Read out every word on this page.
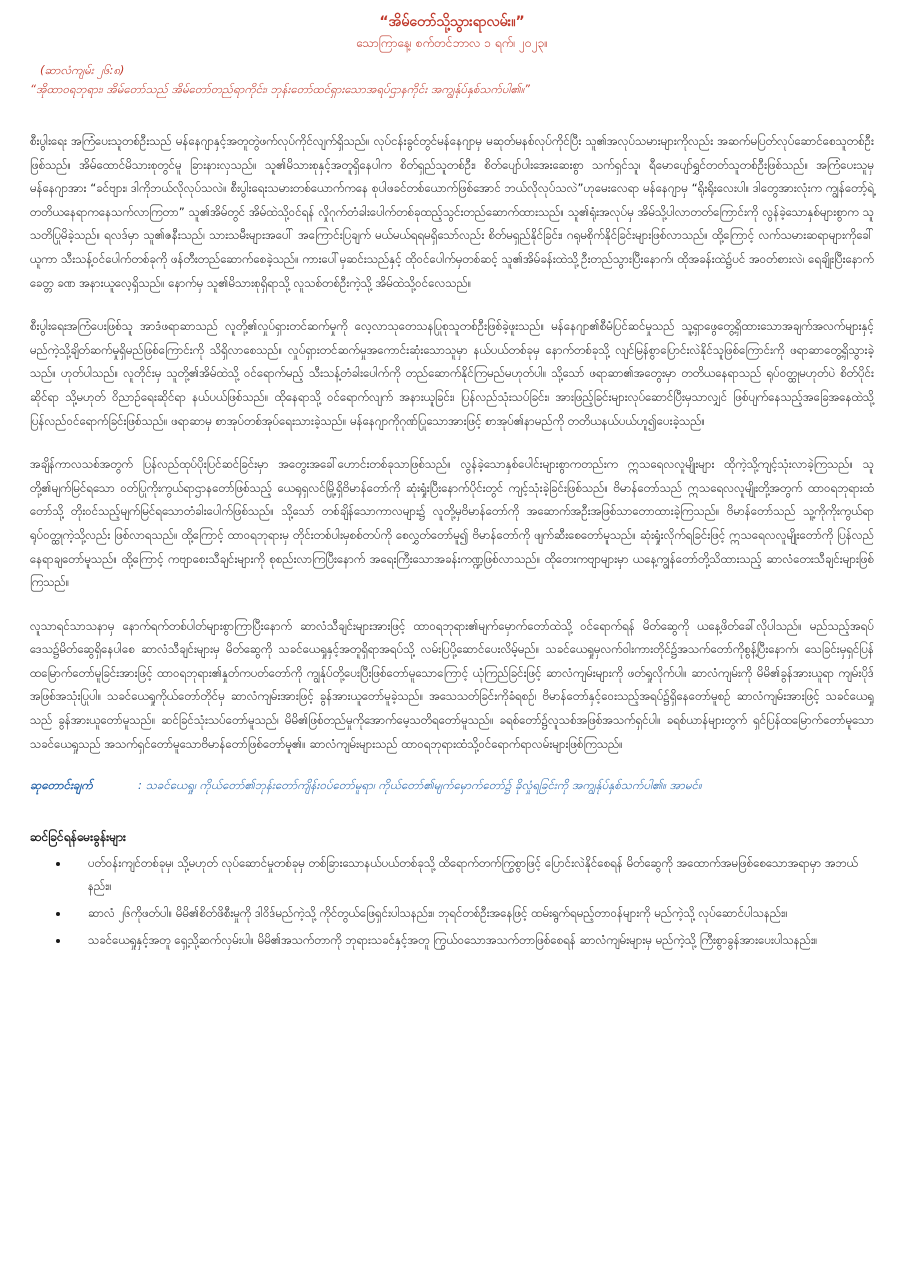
“အိမ်တော်သို့သွားရာလမ်း။”

သောကြာနေ့၊ စက်တင်ဘာလ ၁ ရက်၊ ၂၀၂၃။

(ဆာလံကျမ်း ၂၆:၈)

“အိုထာဝရဘုရား၊ အိမ်တော်သည် အိမ်တော်တည်ရာကိုင်း၊ ဘုန်းတော်ထင်ရှားသောအရပ်ဌာနကိုင်း အကျွန်ုပ်နှစ်သက်ပါ၏။”

စီးပွါးရေး အကြံပေးသူတစ်ဦးသည် မန်နေဂျာနှင့်အတူတွဲဖက်လုပ်ကိုင်လျက်ရှိသည်။ လုပ်ငန်းခွင်တွင်မန်နေဂျာမှ မဆုတ်မနစ်လုပ်ကိုင်ပြီး သူ၏အလုပ်သမားများကိုလည်း အဆက်မပြတ်လုပ်ဆောင်စေသူတစ်ဦးဖြစ်သည်။ အိမ်ထောင်မိသားစုတွင်မူ ခြားနားလှသည်။ သူ၏မိသားစုနှင့်အတူရှိနေပါက စိတ်ရှည်သူတစ်ဦး၊ စိတ်ပျော်ပါးအေးဆေးစွာ သက်ရှင်သူ၊ ရီမောပျော်ရွှင်တတ်သူတစ်ဦးဖြစ်သည်။ အကြံပေးသူမှ မန်နေဂျာအား “ခင်ဗျား၊ ဒါကိုဘယ်လိုလုပ်သလဲ။ စီးပွါးရေးသမားတစ်ယောက်ကနေ စုပါဖခင်တစ်ယောက်ဖြစ်အောင် ဘယ်လိုလုပ်သလဲ”ဟုမေးလေရာ မန်နေဂျာမှ “ရိုးရိုးလေးပါ။ ဒါတွေအားလုံးက ကျွန်တော့်ရဲ့တတိယနေရာကနေသက်လာကြတာ” သူ၏အိမ်တွင် အိမ်ထဲသို့ဝင်ရန် လှိုဂုက်တံခါးပေါက်တစ်ခုထည့်သွင်းတည်ဆောက်ထားသည်။ သူ၏ရုံးအလုပ်မှ အိမ်သို့ပါလာတတ်ကြောင်းကို လွန်ခဲ့သောနှစ်များစွာက သူသတိပြုမိခဲ့သည်။ ရလဒ်မှာ သူ၏ဇနီးသည်၊ သားသမီးများအပေါ် အကြောင်းပြချက် မယ်မယ်ရရမရှိသော်လည်း စိတ်မရှည်နိုင်ခြင်း၊ ဂရုမစိုက်နိုင်ခြင်းများဖြစ်လာသည်။ ထို့ကြောင့် လက်သမားဆရာများကိုခေါ်ယူကာ သီးသန့်ဝင်ပေါက်တစ်ခုကို ဖန်တီးတည်ဆောက်စေခဲ့သည်။ ကားပေါ်မှဆင်းသည်နှင့် ထိုဝင်ပေါက်မှတစ်ဆင့် သူ၏အိမ်ခန်းထဲသို့ဦးတည်သွားပြီးနောက်၊ ထိုအခန်းထဲ၌ပင် အဝတ်စားလဲ၊ ရေချိုးပြီးနောက် ခေတ္တ ခဏ အနားယူလေ့ရှိသည်။ နောက်မှ သူ၏မိသားစုရှိရာသို့ လူသစ်တစ်ဦးကဲ့သို့ အိမ်ထဲသို့ဝင်လေသည်။

စီးပွါးရေးအကြံပေးဖြစ်သူ အာဒံဖရာဆာသည် လူတို့၏လှုပ်ရှားတင်ဆက်မှုကို လေ့လာသုတေသနပြုစုသူတစ်ဦးဖြစ်ခဲ့ဖူးသည်။ မန်နေဂျာ၏စီမံပြင်ဆင်မှုသည် သူ့ရှာဖွေတွေ့ရှိထားသောအချက်အလက်များနှင့် မည်ကဲ့သို့ချိတ်ဆက်မှုရှိမည်ဖြစ်ကြောင်းကို သိရှိလာစေသည်။ လှုပ်ရှားတင်ဆက်မှုအကောင်းဆုံးသောသူမှာ နယ်ပယ်တစ်ခုမှ နောက်တစ်ခုသို့ လျင်မြန်စွာပြောင်းလဲနိုင်သူဖြစ်ကြောင်းကို ဖရာဆာတွေ့ရှိသွားခဲ့သည်။ ဟုတ်ပါသည်။ လူတိုင်းမှ သူတို့၏အိမ်ထဲသို့ ဝင်ရောက်မည့် သီးသန့်တံခါးပေါက်ကို တည်ဆောက်နိုင်ကြမည်မဟုတ်ပါ။ သို့သော် ဖရာဆာ၏အတွေးမှာ တတိယနေရာသည် ရုပ်ဝတ္ထုမဟုတ်ပဲ စိတ်ပိုင်းဆိုင်ရာ သို့မဟုတ် ဝိညာဉ်ရေးဆိုင်ရာ နယ်ပယ်ဖြစ်သည်။ ထိုနေရာသို့ ဝင်ရောက်လျက် အနားယူခြင်း၊ ပြန်လည်သုံးသပ်ခြင်း၊ အားဖြည့်ခြင်းများလုပ်ဆောင်ပြီးမှသာလျှင် ဖြစ်ပျက်နေသည့်အခြေအနေထဲသို့ ပြန်လည်ဝင်ရောက်ခြင်းဖြစ်သည်။ ဖရာဆာမှ စာအုပ်တစ်အုပ်ရေးသားခဲ့သည်။ မန်နေဂျာကိုဂုဏ်ပြုသောအားဖြင့် စာအုပ်၏နာမည်ကို တတိယနယ်ပယ်ဟူ၍ပေးခဲ့သည်။

အချိန်ကာလသစ်အတွက် ပြန်လည်ထုပ်ပိုးပြင်ဆင်ခြင်းမှာ အတွေးအခေါ်ဟောင်းတစ်ခုသာဖြစ်သည်။ လွန်ခဲ့သောနှစ်ပေါင်းများစွာကတည်းက ဣသရေလလူမျိုးများ ထိုကဲ့သို့ကျင့်သုံးလာခဲ့ကြသည်။ သူတို့၏မျက်မြင်ရသော ဝတ်ပြုကိုးကွယ်ရာဌာနတော်ဖြစ်သည့် ယေရုရှလင်မြို့ရှိဗိမာန်တော်ကို ဆုံးရှုံးပြီးနောက်ပိုင်းတွင် ကျင့်သုံးခဲ့ခြင်းဖြစ်သည်။ ဗိမာန်တော်သည် ဣသရေလလူမျိုးတို့အတွက် ထာဝရဘုရားထံတော်သို့ တိုးဝင်သည့်မျက်မြင်ရသောတံခါးပေါက်ဖြစ်သည်။ သို့သော် တစ်ချိန်သောကာလများ၌ လူတို့မှဗိမာန်တော်ကို အဆောက်အဦးအဖြစ်သာတောထားခဲ့ကြသည်။ ဗိမာန်တော်သည် သူ့ကိုကိုးကွယ်ရာရုပ်ဝတ္ထုကဲ့သို့လည်း ဖြစ်လာရသည်။ ထို့ကြောင့် ထာဝရဘုရားမှ တိုင်းတစ်ပါးမှစစ်တပ်ကို စေလွှတ်တော်မူ၍ ဗိမာန်တော်ကို ဖျက်ဆီးစေတော်မူသည်။ ဆုံးရှုံးလိုက်ရခြင်းဖြင့် ဣသရေလလူမျိုးတော်ကို ပြန်လည်နေရာချတော်မူသည်။ ထို့ကြောင့် ကဗျာစေးသီချင်းများကို စုစည်းလာကြပြီးနောက် အရေးကြီးသောအခန်းကဏ္ဍဖြစ်လာသည်။ ထိုတေးကဗျာများမှာ ယနေ့ကျွန်တော်တို့သိထားသည့် ဆာလံတေးသီချင်းများဖြစ်ကြသည်။

လူသာရင်သာသနာမှ နောက်ရက်တစ်ပါတ်များစွာကြာပြီးနောက် ဆာလံသီချင်းများအားဖြင့် ထာဝရဘုရား၏မျက်မှောက်တော်ထဲသို့ ဝင်ရောက်ရန် မိတ်ဆွေကို ယနေ့ဖိတ်ခေါ်လိုပါသည်။ မည်သည့်အရပ်ဒေသ၌မိတ်ဆွေရှိနေပါစေ ဆာလံသီချင်းများမှ မိတ်ဆွေကို သခင်ယေရှုနှင့်အတူရှိရာအရပ်သို့ လမ်းပြပို့ဆောင်ပေးလိမ့်မည်။ သခင်ယေရှုမှလက်ဝါးကားတိုင်၌အသက်တော်ကိုစွန့်ပြီးနောက်၊ သေခြင်းမှရှင်ပြန်ထမြောက်တော်မူခြင်းအားဖြင့် ထာဝရဘုရား၏နှုတ်ကပတ်တော်ကို ကျွန်ုပ်တို့ပေးပြီးဖြစ်တော်မူသောကြောင့် ယုံကြည်ခြင်းဖြင့် ဆာလံကျမ်းများကို ဖတ်ရှုလိုက်ပါ။ ဆာလံကျမ်းကို မိမိ၏ခွန်အားယူရာ ကျမ်းပိုဒ်အဖြစ်အသုံးပြုပါ။ သခင်ယေရှုကိုယ်တော်တိုင်မှ ဆာလံကျမ်းအားဖြင့် ခွန်အားယူတော်မူခဲ့သည်။ အသေသတ်ခြင်းကိုခံရစဉ်၊ ဗိမာန်တော်နှင့်ဝေးသည့်အရပ်၌ရှိနေတော်မူစဉ် ဆာလံကျမ်းအားဖြင့် သခင်ယေရှုသည် ခွန်အားယူတော်မူသည်။ ဆင်ခြင်သုံးသပ်တော်မူသည်၊ မိမိ၏ဖြစ်တည်မှုကိုအောက်မေ့သတိရတော်မူသည်။ ခရစ်တော်၌လူသစ်အဖြစ်အသက်ရှင်ပါ။ ခရစ်ယာန်များတွက် ရှင်ပြန်ထမြောက်တော်မူသောသခင်ယေရှုသည် အသက်ရှင်တော်မူသောဗိမာန်တော်ဖြစ်တော်မူ၏။ ဆာလံကျမ်းများသည် ထာဝရဘုရားထံသို့ဝင်ရောက်ရာလမ်းများဖြစ်ကြသည်။

ဆုတောင်းချက်	: သခင်ယေရှု၊ ကိုယ်တော်၏ဘုန်းတော်ကျိန်းဝပ်တော်မူရာ၊ ကိုယ်တော်၏မျက်မှောက်တော်၌ ခိုလှုံရခြင်းကို အကျွန်ုပ်နှစ်သက်ပါ၏။ အာမင်။

ဆင်ခြင်ရန်မေးခွန်းများ

• ပတ်ဝန်းကျင်တစ်ခုမှ၊ သို့မဟုတ် လုပ်ဆောင်မှုတစ်ခုမှ တစ်ခြားသောနယ်ပယ်တစ်ခုသို့ ထိရောက်တက်ကြွစွာဖြင့် ပြောင်းလဲနိုင်စေရန် မိတ်ဆွေကို အထောက်အမဖြစ်စေသောအရာမှာ အဘယ်နည်း။
• ဆာလံ ၂၆ကိုဖတ်ပါ။ မိမိ၏စိတ်ဖိစီးမှုကို ဒါဝိဒ်မည်ကဲ့သို့ ကိုင်တွယ်ဖြေရှင်းပါသနည်း။ ဘုရင်တစ်ဦးအနေဖြင့် ထမ်းရွက်ရမည့်တာဝန်များကို မည်ကဲ့သို့ လုပ်ဆောင်ပါသနည်း။
• သခင်ယေရှုနှင့်အတူ ရှေ့သို့ဆက်လှမ်းပါ။ မိမိ၏အသက်တာကို ဘုရားသခင်နှင့်အတူ ကြွယ်ဝသောအသက်တာဖြစ်စေရန် ဆာလံကျမ်းများမှ မည်ကဲ့သို့ ကြီးစွာခွန်အားပေးပါသနည်း။
